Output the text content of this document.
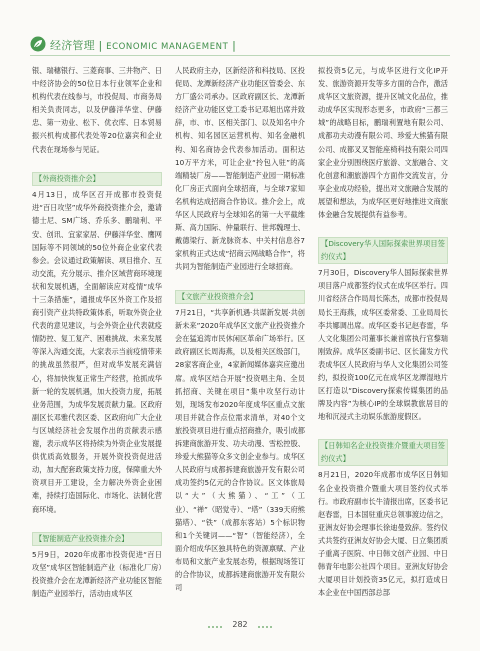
经济管理 | ECONOMIC MANAGEMENT |

银、瑞穗银行、三菱商事、三井物产、日中经济协会的50位日本行业领军企业和机构代表在线参与，市投促局、市商务局相关负责同志，以及伊藤洋华堂、伊藤忠、第一劝业、松下、优衣库、日本贸易振兴机构成都代表处等20位嘉宾和企业代表在现场参与见证。

【外商投资推介会】

4月13日，成华区召开成都市投资促进“百日攻坚”成华外商投资推介会，邀请德士尼、SM广场、乔乐多、鹏瑞利、平安、创讯、宜家家居、伊藤洋华堂、鹰网国际等不同领域的50位外商企业家代表参会。会议通过政策解读、项目推介、互动交流，充分展示、推介区域营商环境现状和发展机遇，全面解读应对疫情“成华十三条措施”，通报成华区外资工作及招商引资产业共特政策体系，听取外资企业代表的意见建议，与会外资企业代表就疫情防控、复工复产、困难挑战、未来发展等深入沟通交流，大家表示当前疫情带来的挑战虽然很严，但对成华发展充满信心，将加快恢复正常生产经营，抢抓成华新一轮的发展机遇，加大投资力度，拓展业务范围，为成华发展贡献力量。区政府副区长邓雅代表区委、区政府向广大企业与区城经济社会发展作出的贡献表示感谢，表示成华区将持续为外资企业发展提供优质高效服务，开展外资投资促进活动，加大配套政策支持力度，保障重大外资项目开工建设，全力解决外资企业困难，持续打造国际化、市场化、法制化营商环境。

【智能制造产业投资推介会】

5月9日，2020年成都市投资促进“百日攻坚”成华区智能制造产业（标准化厂房）投资推介会在龙潭新经济产业功能区智能制造产业园举行，活动由成华区

人民政府主办，区新经济和科技局、区投促局、龙潭新经济产业功能区管委会、东方厂盛公司承办。区政府副区长、龙潭新经济产业功能区党工委书记邓旭出席并致辞，市、市、区相关部门、以及知名中介机构、知名园区运营机构、知名金融机构、知名商协会代表参加活动。面积达10万平方米，可让企业“拎包入驻”的高端精装厂房——智能制造产业园一期标准化厂房正式面向全球招商，与全球7家知名机构达成招商合作协议。推介会上，成华区人民政府与全球知名的第一大平截维斯、高力国际、仲量联行、世邦魏理士、戴德梁行、新龙脉资本、中关村信息谷7家机构正式达成“招商云网战略合作”，将共同为智能制造产业园进行全球招商。

【文旅产业投资推介会】

7月21日，“共享新机遇·共谋新发展·共创新未来”2020年成华区文旅产业投资推介会在猛追湾市民休闲区革命广场举行。区政府副区长周海燕，以及相关区级部门，28家客商企业，4家新闻媒体嘉宾应邀出席。成华区结合开展“投资唱主角、全员抓招商、关键在项目”集中攻坚行动计划，现场发布2020年度成华区重点文旅项目并就合作点位需求清单，对40个文旅投资项目进行重点招商推介，吸引成都拆建商旅游开发、功夫动漫、雪松控股、珍爱大熊猫等众多文创企业参与。成华区人民政府与成都拆建商旅游开发有限公司成功签约5亿元的合作协议。区文体旅局以“大”（大熊猫）、“工”（工业）、“禅”（昭觉寺）、“塔”（339天府熊猫塔）、“铁”（成都东客站）5个标识物和1个关键词——“智”（智能经济），全面介绍成华区独具特色的资源禀赋、产业布局和文旅产业发展态势，根据现场签订的合作协议，成都拆建商旅游开发有限公司

拟投资5亿元，与成华区进行文化IP开发、旅游资源开发等多方面的合作，激活成华区文旅资源，提升区城文化品位，推动成华区实现形态更多，市政府“三都三城”的战略目标，鹏瑞利置地有限公司、成都功夫动漫有限公司、珍爱大熊猫有限公司、成都叉叉智能座椅科技有限公司四家企业分别围绕医疗旅游、文旅融合、文化创意和潮旅游四个方面作交流发言，分享企业成功经验，提出对文旅融合发展的展望和想法，为成华区更好地推进文商旅体金融合发展提供有益参考。

【Discovery华人国际探索世界项目签约仪式】

7月30日，Discovery华人国际探索世界项目落户成都签约仪式在成华区举行。四川省经济合作局局长陈杰，成都市投促局局长王海燕，成华区委常委、工业局局长李共娜调出席。成华区委书记赵春雷，华人文化集团公司董事长兼首席执行官黎瑞刚致辞。成华区委副书记、区长蒲发方代表成华区人民政府与华人文化集团公司签约，拟投资100亿元在成华区龙潭湿地片区打造以“Discovery探索传媒集团的品牌及内容”为核心IP的全球娱教旅居目的地和沉浸式主动娱乐旅游度假区。

【日韩知名企业投资推介暨重大项目签约仪式】

8月21日，2020年成都市成华区日韩知名企业投资推介暨重大项目签约仪式举行。市政府副市长牛清报出席，区委书记赵春雷，日本国驻重庆总领事渡边信之，亚洲友好协会理事长徐迪曼致辞。签约仪式共签约亚洲友好协会大厦、日立集团质子重离子医院、中日韩文创产业园、中日韩青年电影公社四个项目。亚洲友好协会大厦项目计划投资35亿元，拟打造成日本企业在中国西部总部

282
